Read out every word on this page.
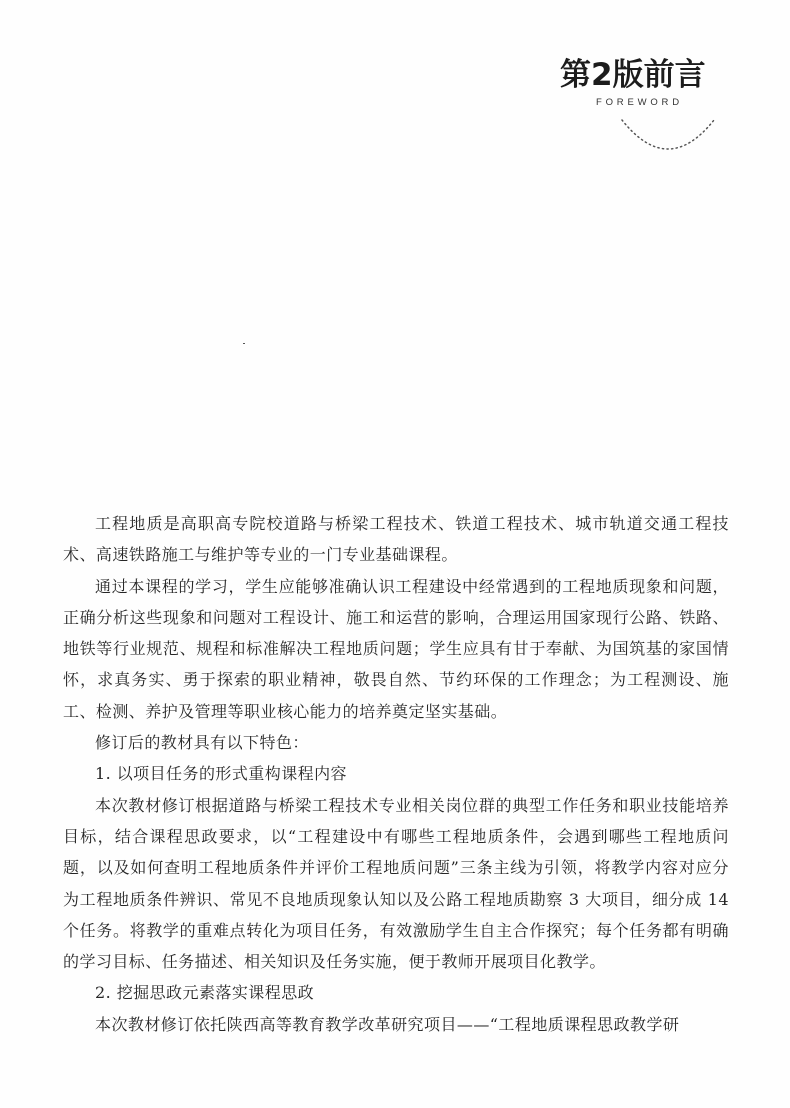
第2版前言
FOREWORD

工程地质是高职高专院校道路与桥梁工程技术、铁道工程技术、城市轨道交通工程技术、高速铁路施工与维护等专业的一门专业基础课程。

通过本课程的学习，学生应能够准确认识工程建设中经常遇到的工程地质现象和问题，正确分析这些现象和问题对工程设计、施工和运营的影响，合理运用国家现行公路、铁路、地铁等行业规范、规程和标准解决工程地质问题；学生应具有甘于奉献、为国筑基的家国情怀，求真务实、勇于探索的职业精神，敬畏自然、节约环保的工作理念；为工程测设、施工、检测、养护及管理等职业核心能力的培养奠定坚实基础。

修订后的教材具有以下特色：

1. 以项目任务的形式重构课程内容

本次教材修订根据道路与桥梁工程技术专业相关岗位群的典型工作任务和职业技能培养目标，结合课程思政要求，以“工程建设中有哪些工程地质条件，会遇到哪些工程地质问题，以及如何查明工程地质条件并评价工程地质问题”三条主线为引领，将教学内容对应分为工程地质条件辨识、常见不良地质现象认知以及公路工程地质勘察 3 大项目，细分成 14 个任务。将教学的重难点转化为项目任务，有效激励学生自主合作探究；每个任务都有明确的学习目标、任务描述、相关知识及任务实施，便于教师开展项目化教学。

2. 挖掘思政元素落实课程思政

本次教材修订依托陕西高等教育教学改革研究项目——“工程地质课程思政教学研
